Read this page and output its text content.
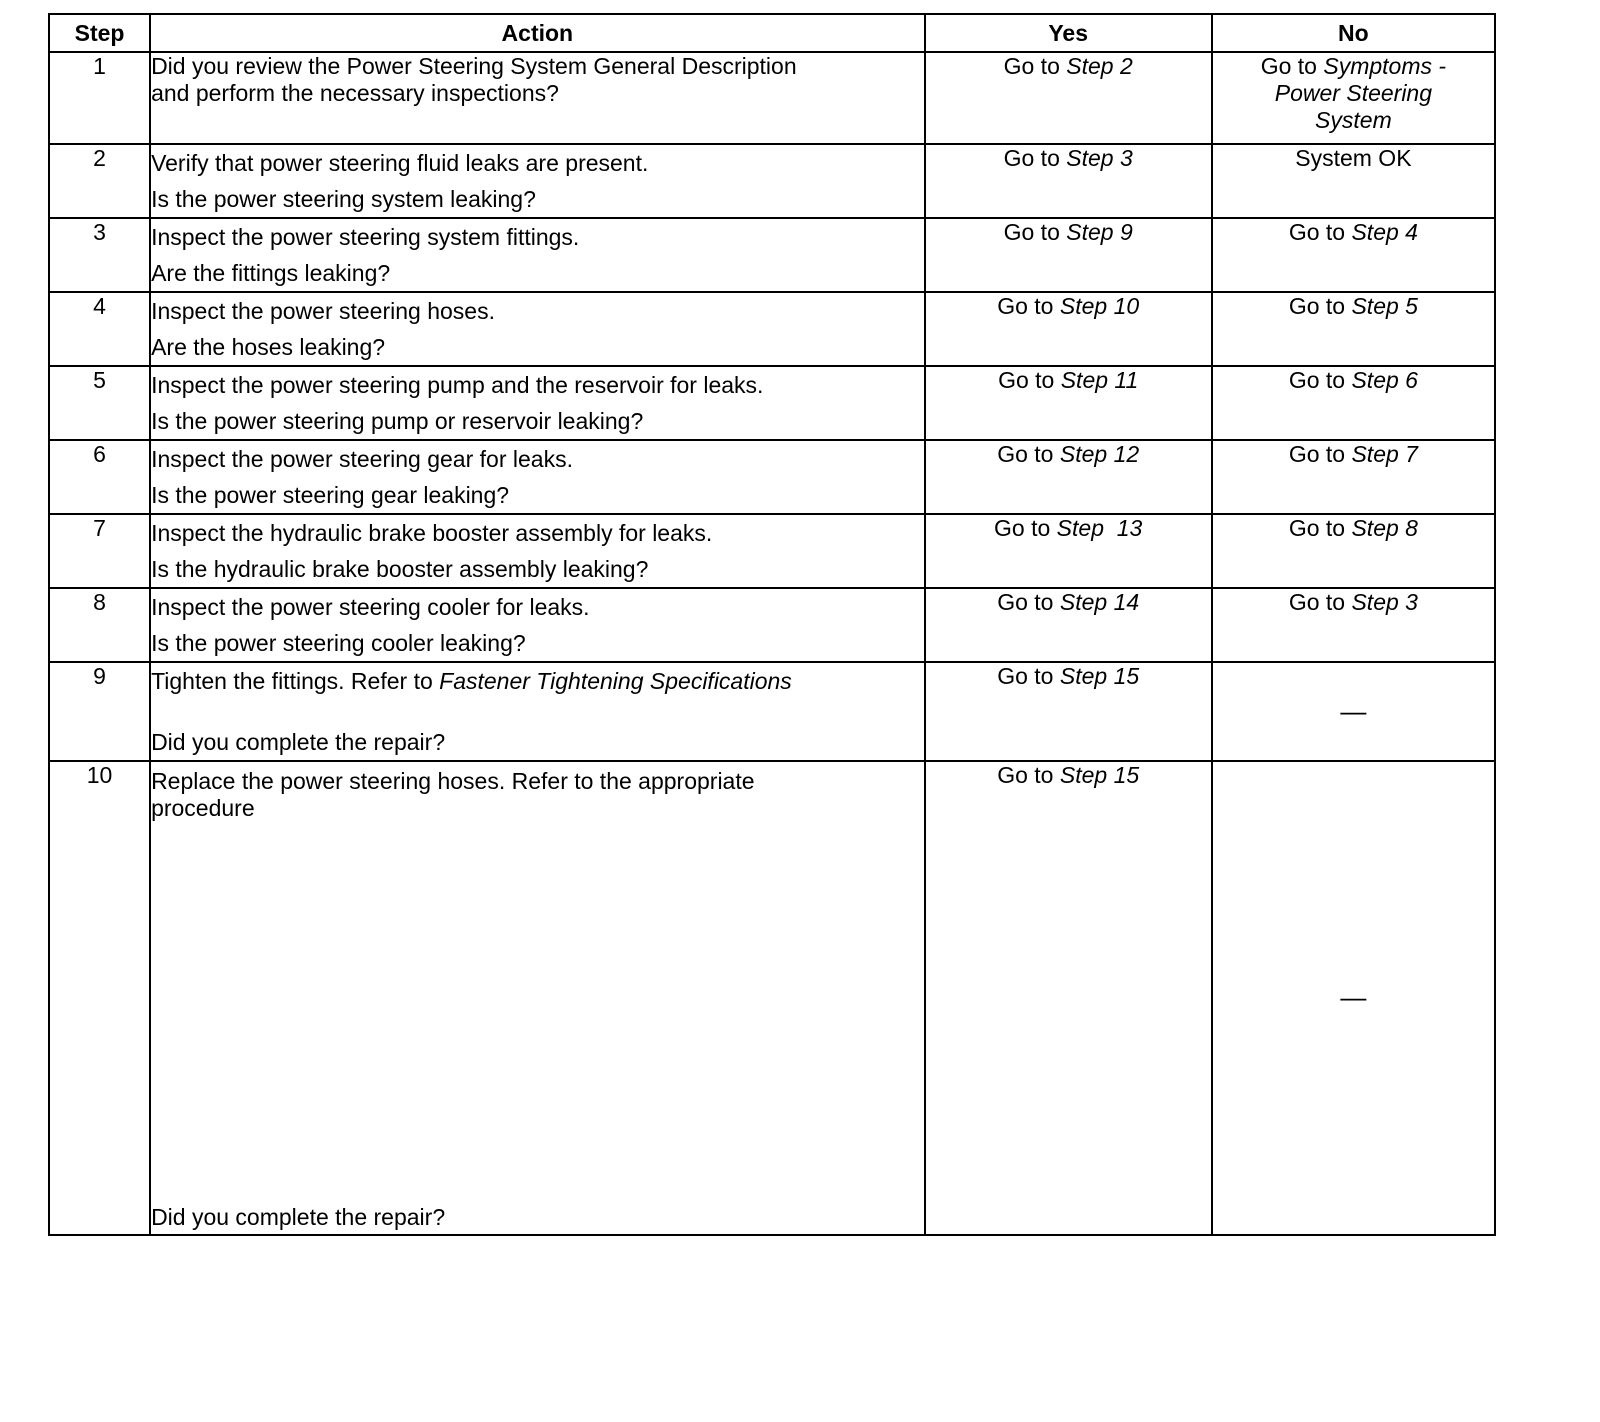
Step	Action	Yes	No
1	Did you review the Power Steering System General Description
and perform the necessary inspections?	Go to Step 2	Go to Symptoms -
Power Steering
System

2	Verify that power steering fluid leaks are present.
Is the power steering system leaking?	Go to Step 3	System OK
3	Inspect the power steering system fittings.
Are the fittings leaking?	Go to Step 9	Go to Step 4
4	Inspect the power steering hoses.
Are the hoses leaking?	Go to Step 10	Go to Step 5
5	Inspect the power steering pump and the reservoir for leaks.
Is the power steering pump or reservoir leaking?	Go to Step 11	Go to Step 6
6	Inspect the power steering gear for leaks.
Is the power steering gear leaking?	Go to Step 12	Go to Step 7
7	Inspect the hydraulic brake booster assembly for leaks.
Is the hydraulic brake booster assembly leaking?	Go to Step  13	Go to Step 8
8	Inspect the power steering cooler for leaks.
Is the power steering cooler leaking?	Go to Step 14	Go to Step 3
9	Tighten the fittings. Refer to Fastener Tightening Specifications
Did you complete the repair?	Go to Step 15	—
10	Replace the power steering hoses. Refer to the appropriate
procedure
Did you complete the repair?	Go to Step 15	—
